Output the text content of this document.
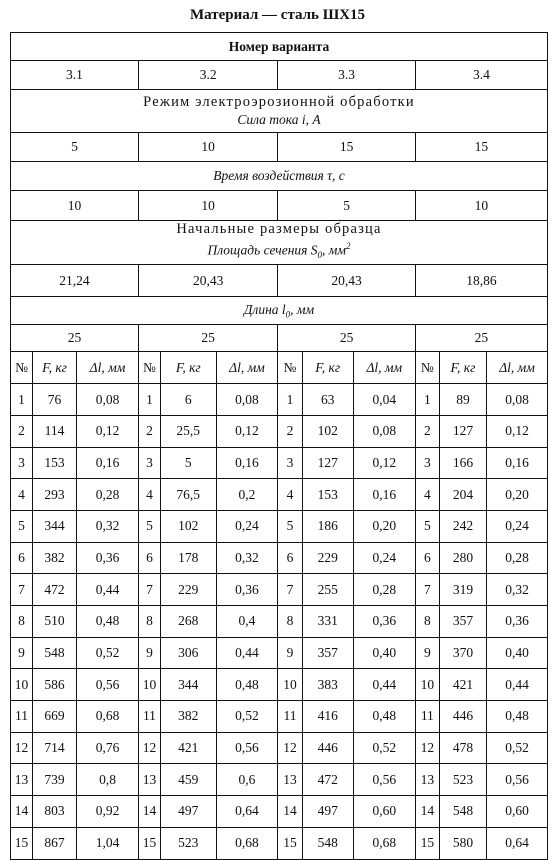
Материал — сталь ШХ15
Номер варианта											
3.1			3.2			3.3			3.4		

Режим электроэрозионной обработки
Сила тока i, А											

5			10			15			15		
Время воздействия τ, с											
10			10			5			10		

Начальные размеры образца
Площадь сечения $S_0$, $мм^2$

21,24			20,43			20,43			18,86		
Длина $l_0$, мм											
25			25			25			25		
№	F, кг	Δl, мм	№	F, кг	Δl, мм	№	F, кг	Δl, мм	№	F, кг	Δl, мм
1	76	0,08	1	6	0,08	1	63	0,04	1	89	0,08
2	114	0,12	2	25,5	0,12	2	102	0,08	2	127	0,12
3	153	0,16	3	5	0,16	3	127	0,12	3	166	0,16
4	293	0,28	4	76,5	0,2	4	153	0,16	4	204	0,20
5	344	0,32	5	102	0,24	5	186	0,20	5	242	0,24
6	382	0,36	6	178	0,32	6	229	0,24	6	280	0,28
7	472	0,44	7	229	0,36	7	255	0,28	7	319	0,32
8	510	0,48	8	268	0,4	8	331	0,36	8	357	0,36
9	548	0,52	9	306	0,44	9	357	0,40	9	370	0,40
10	586	0,56	10	344	0,48	10	383	0,44	10	421	0,44
11	669	0,68	11	382	0,52	11	416	0,48	11	446	0,48
12	714	0,76	12	421	0,56	12	446	0,52	12	478	0,52
13	739	0,8	13	459	0,6	13	472	0,56	13	523	0,56
14	803	0,92	14	497	0,64	14	497	0,60	14	548	0,60
15	867	1,04	15	523	0,68	15	548	0,68	15	580	0,64
